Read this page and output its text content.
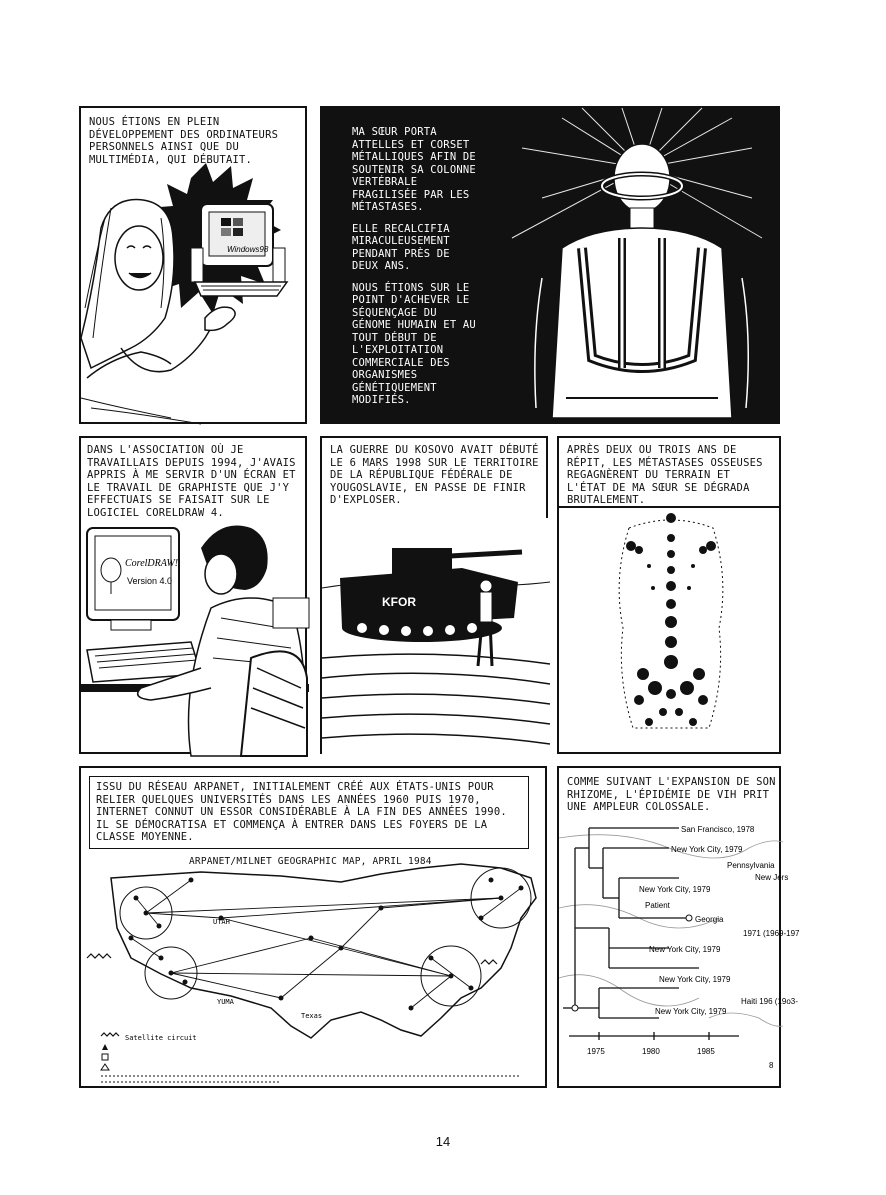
Windows98

NOUS ÉTIONS EN PLEIN DÉVELOPPEMENT DES ORDINATEURS PERSONNELS AINSI QUE DU MULTIMÉDIA, QUI DÉBUTAIT.

MA SŒUR PORTA ATTELLES ET CORSET MÉTALLIQUES AFIN DE SOUTENIR SA COLONNE VERTÉBRALE FRAGILISÉE PAR LES MÉTASTASES.

ELLE RECALCIFIA MIRACULEUSEMENT PENDANT PRÈS DE DEUX ANS.

NOUS ÉTIONS SUR LE POINT D'ACHEVER LE SÉQUENÇAGE DU GÉNOME HUMAIN ET AU TOUT DÉBUT DE L'EXPLOITATION COMMERCIALE DES ORGANISMES GÉNÉTIQUEMENT MODIFIÉS.

CorelDRAW!
Version 4.0

DANS L'ASSOCIATION OÙ JE TRAVAILLAIS DEPUIS 1994, J'AVAIS APPRIS À ME SERVIR D'UN ÉCRAN ET LE TRAVAIL DE GRAPHISTE QUE J'Y EFFECTUAIS SE FAISAIT SUR LE LOGICIEL CORELDRAW 4.

KFOR

LA GUERRE DU KOSOVO AVAIT DÉBUTÉ LE 6 MARS 1998 SUR LE TERRITOIRE DE LA RÉPUBLIQUE FÉDÉRALE DE YOUGOSLAVIE, EN PASSE DE FINIR D'EXPLOSER.

APRÈS DEUX OU TROIS ANS DE RÉPIT, LES MÉTASTASES OSSEUSES REGAGNÈRENT DU TERRAIN ET L'ÉTAT DE MA SŒUR SE DÉGRADA BRUTALEMENT.

ISSU DU RÉSEAU ARPANET, INITIALEMENT CRÉÉ AUX ÉTATS-UNIS POUR RELIER QUELQUES UNIVERSITÉS DANS LES ANNÉES 1960 PUIS 1970, INTERNET CONNUT UN ESSOR CONSIDÉRABLE À LA FIN DES ANNÉES 1990. IL SE DÉMOCRATISA ET COMMENÇA À ENTRER DANS LES FOYERS DE LA CLASSE MOYENNE.

ARPANET/MILNET GEOGRAPHIC MAP, APRIL 1984
Satellite circuit
UTAH
YUMA
Texas

COMME SUIVANT L'EXPANSION DE SON RHIZOME, L'ÉPIDÉMIE DE VIH PRIT UNE AMPLEUR COLOSSALE.

San Francisco, 1978
New York City, 1979
Pennsylvania
New Jers
New York City, 1979
Patient
Georgia
1971 (1969-197
New York City, 1979
New York City, 1979
Haiti 196 (19o3-
New York City, 1979
1975	1980	1985
8
14
